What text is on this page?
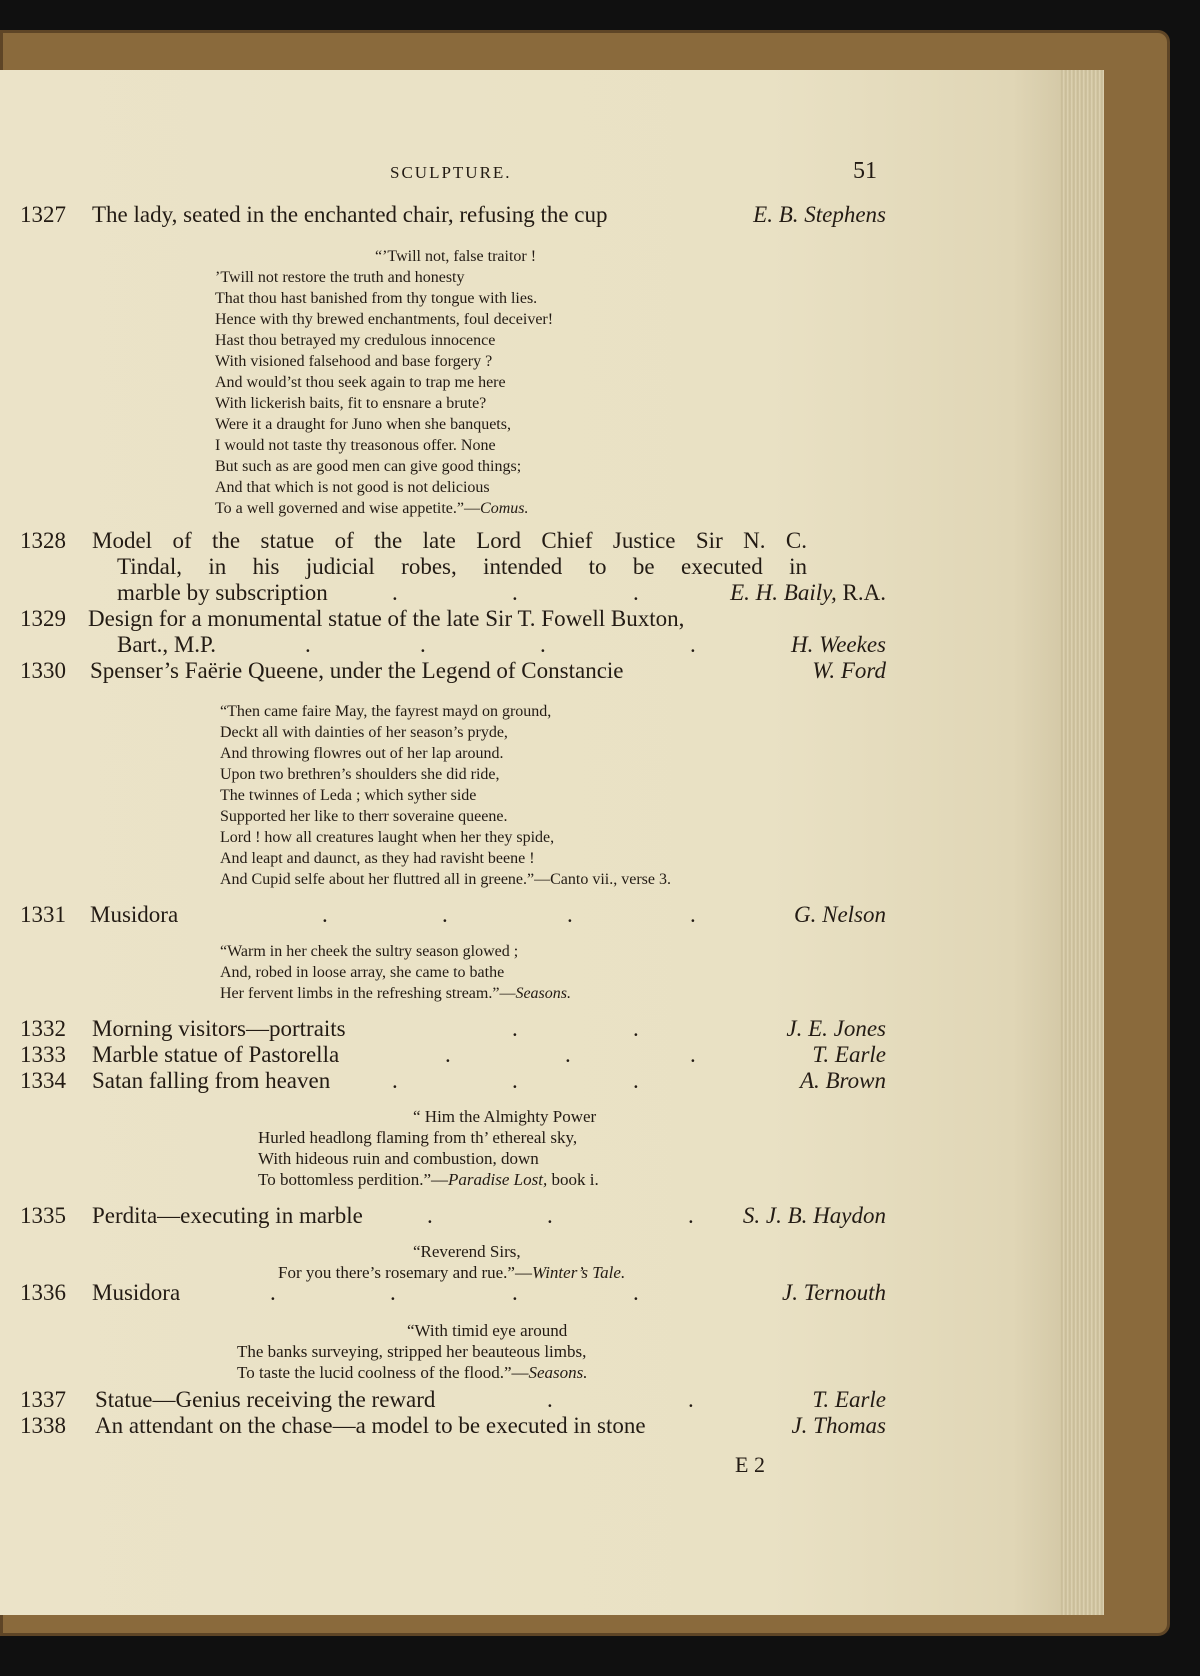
SCULPTURE.	51
1327 The lady, seated in the enchanted chair, refusing the cup	E. B. Stephens
“’Twill not, false traitor !
’Twill not restore the truth and honesty
That thou hast banished from thy tongue with lies.
Hence with thy brewed enchantments, foul deceiver!
Hast thou betrayed my credulous innocence
With visioned falsehood and base forgery ?
And would’st thou seek again to trap me here
With lickerish baits, fit to ensnare a brute?
Were it a draught for Juno when she banquets,
I would not taste thy treasonous offer. None
But such as are good men can give good things;
And that which is not good is not delicious
To a well governed and wise appetite.”—Comus.
1328 Model of the statue of the late Lord Chief Justice Sir N. C.
Tindal, in his judicial robes, intended to be executed in
marble by subscription	.	.	.	E. H. Baily, R.A.
1329 Design for a monumental statue of the late Sir T. Fowell Buxton,
Bart., M.P.	.	.	.	.	H. Weekes
1330 Spenser’s Faërie Queene, under the Legend of Constancie	W. Ford
“Then came faire May, the fayrest mayd on ground,
Deckt all with dainties of her season’s pryde,
And throwing flowres out of her lap around.
Upon two brethren’s shoulders she did ride,
The twinnes of Leda ; which syther side
Supported her like to therr soveraine queene.
Lord ! how all creatures laught when her they spide,
And leapt and daunct, as they had ravisht beene !
And Cupid selfe about her fluttred all in greene.”—Canto vii., verse 3.
1331 Musidora	.	.	.	.	G. Nelson
“Warm in her cheek the sultry season glowed ;
And, robed in loose array, she came to bathe
Her fervent limbs in the refreshing stream.”—Seasons.
1332 Morning visitors—portraits	.	.	J. E. Jones
1333 Marble statue of Pastorella	.	.	.	T. Earle
1334 Satan falling from heaven	.	.	.	A. Brown
“ Him the Almighty Power
Hurled headlong flaming from th’ ethereal sky,
With hideous ruin and combustion, down
To bottomless perdition.”—Paradise Lost, book i.
1335 Perdita—executing in marble	.	.	.	S. J. B. Haydon
“Reverend Sirs,
For you there’s rosemary and rue.”—Winter’s Tale.
1336 Musidora	.	.	.	.	J. Ternouth
“With timid eye around
The banks surveying, stripped her beauteous limbs,
To taste the lucid coolness of the flood.”—Seasons.
1337 Statue—Genius receiving the reward	.	.	T. Earle
1338 An attendant on the chase—a model to be executed in stone	J. Thomas
E 2
